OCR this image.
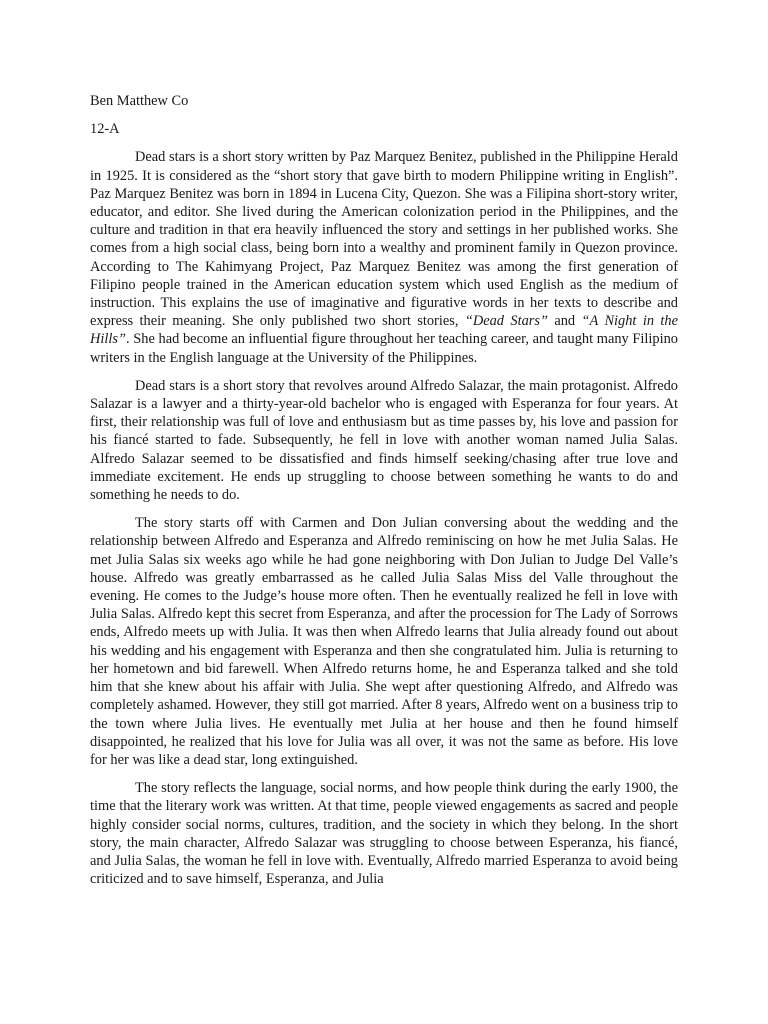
Ben Matthew Co

12-A

Dead stars is a short story written by Paz Marquez Benitez, published in the Philippine Herald in 1925. It is considered as the “short story that gave birth to modern Philippine writing in English”. Paz Marquez Benitez was born in 1894 in Lucena City, Quezon. She was a Filipina short-story writer, educator, and editor. She lived during the American colonization period in the Philippines, and the culture and tradition in that era heavily influenced the story and settings in her published works. She comes from a high social class, being born into a wealthy and prominent family in Quezon province. According to The Kahimyang Project, Paz Marquez Benitez was among the first generation of Filipino people trained in the American education system which used English as the medium of instruction. This explains the use of imaginative and figurative words in her texts to describe and express their meaning. She only published two short stories, “Dead Stars” and “A Night in the Hills”. She had become an influential figure throughout her teaching career, and taught many Filipino writers in the English language at the University of the Philippines.

Dead stars is a short story that revolves around Alfredo Salazar, the main protagonist. Alfredo Salazar is a lawyer and a thirty-year-old bachelor who is engaged with Esperanza for four years. At first, their relationship was full of love and enthusiasm but as time passes by, his love and passion for his fiancé started to fade. Subsequently, he fell in love with another woman named Julia Salas. Alfredo Salazar seemed to be dissatisfied and finds himself seeking/chasing after true love and immediate excitement. He ends up struggling to choose between something he wants to do and something he needs to do.

The story starts off with Carmen and Don Julian conversing about the wedding and the relationship between Alfredo and Esperanza and Alfredo reminiscing on how he met Julia Salas. He met Julia Salas six weeks ago while he had gone neighboring with Don Julian to Judge Del Valle’s house. Alfredo was greatly embarrassed as he called Julia Salas Miss del Valle throughout the evening. He comes to the Judge’s house more often. Then he eventually realized he fell in love with Julia Salas. Alfredo kept this secret from Esperanza, and after the procession for The Lady of Sorrows ends, Alfredo meets up with Julia. It was then when Alfredo learns that Julia already found out about his wedding and his engagement with Esperanza and then she congratulated him. Julia is returning to her hometown and bid farewell. When Alfredo returns home, he and Esperanza talked and she told him that she knew about his affair with Julia. She wept after questioning Alfredo, and Alfredo was completely ashamed. However, they still got married. After 8 years, Alfredo went on a business trip to the town where Julia lives. He eventually met Julia at her house and then he found himself disappointed, he realized that his love for Julia was all over, it was not the same as before. His love for her was like a dead star, long extinguished.

The story reflects the language, social norms, and how people think during the early 1900, the time that the literary work was written. At that time, people viewed engagements as sacred and people highly consider social norms, cultures, tradition, and the society in which they belong. In the short story, the main character, Alfredo Salazar was struggling to choose between Esperanza, his fiancé, and Julia Salas, the woman he fell in love with. Eventually, Alfredo married Esperanza to avoid being criticized and to save himself, Esperanza, and Julia
